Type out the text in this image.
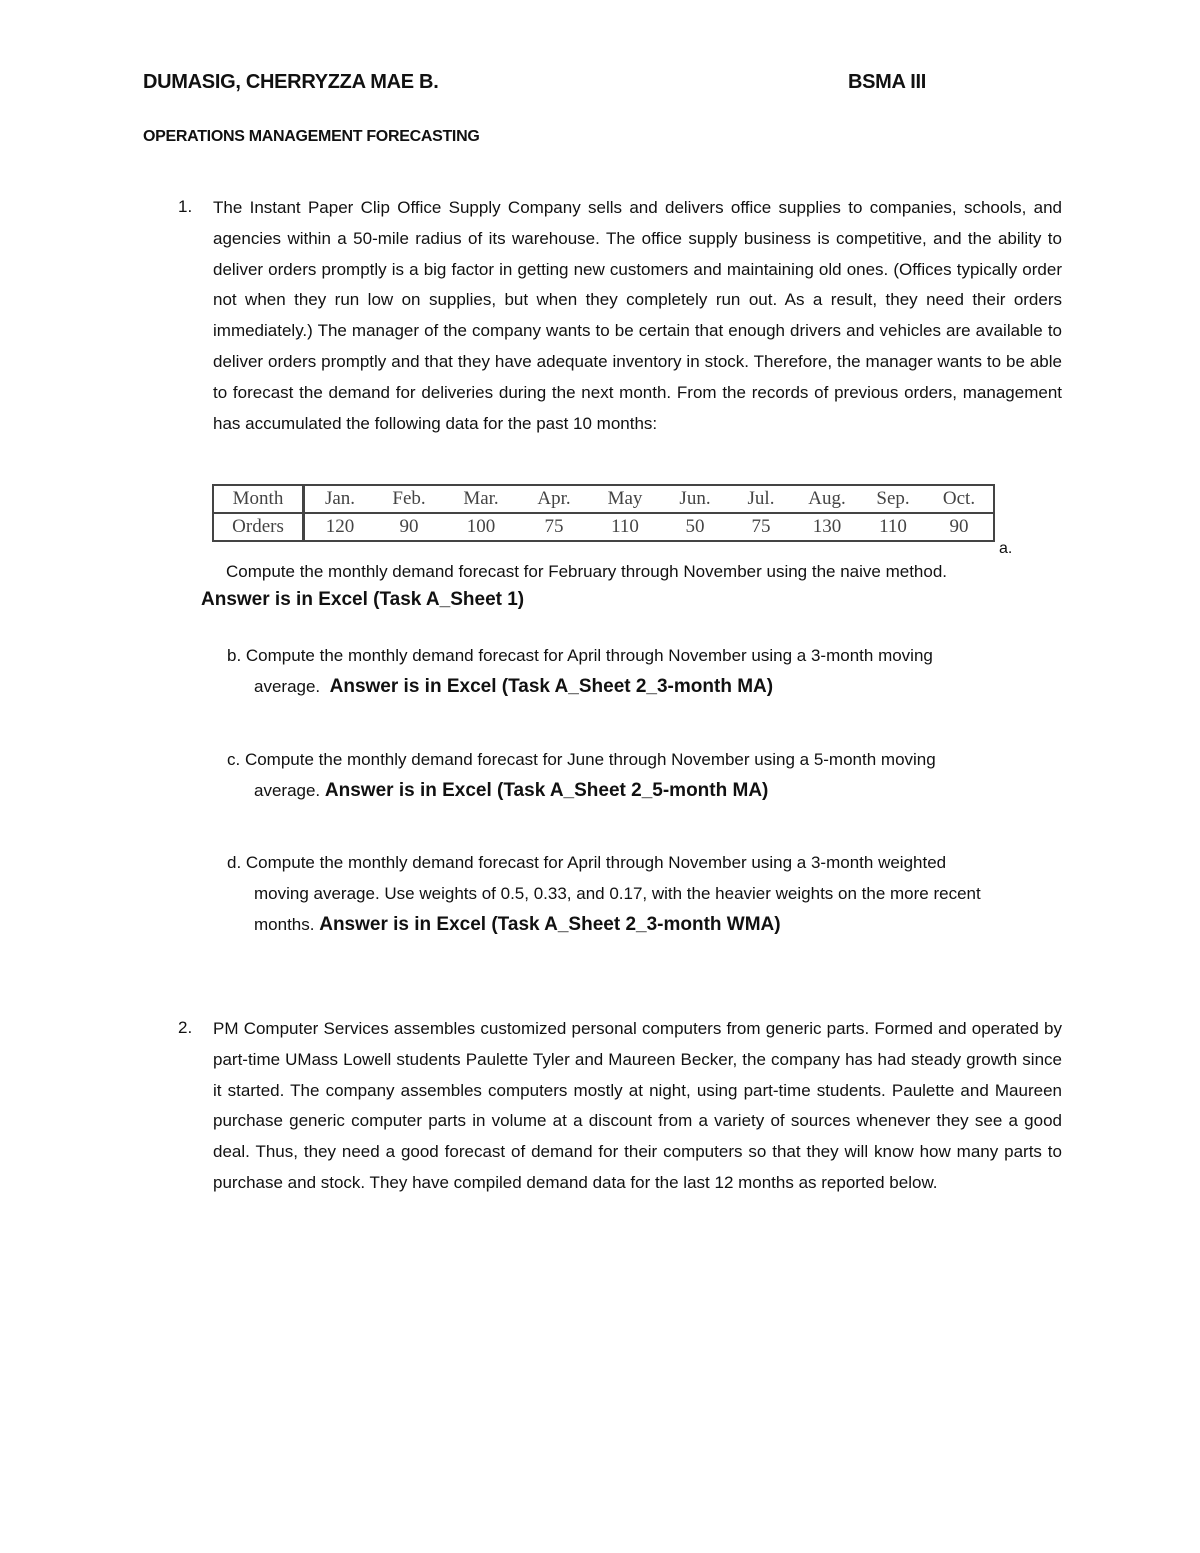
DUMASIG, CHERRYZZA MAE B.	BSMA III
OPERATIONS MANAGEMENT FORECASTING
1. The Instant Paper Clip Office Supply Company sells and delivers office supplies to companies, schools, and agencies within a 50-mile radius of its warehouse. The office supply business is competitive, and the ability to deliver orders promptly is a big factor in getting new customers and maintaining old ones. (Offices typically order not when they run low on supplies, but when they completely run out. As a result, they need their orders immediately.) The manager of the company wants to be certain that enough drivers and vehicles are available to deliver orders promptly and that they have adequate inventory in stock. Therefore, the manager wants to be able to forecast the demand for deliveries during the next month. From the records of previous orders, management has accumulated the following data for the past 10 months:
Month	Jan.	Feb.	Mar.	Apr.	May	Jun.	Jul.	Aug.	Sep.	Oct.
Orders	120	90	100	75	110	50	75	130	110	90
a.
Compute the monthly demand forecast for February through November using the naive method.
Answer is in Excel (Task A_Sheet 1)
b. Compute the monthly demand forecast for April through November using a 3-month moving
average. Answer is in Excel (Task A_Sheet 2_3-month MA)
c. Compute the monthly demand forecast for June through November using a 5-month moving
average. Answer is in Excel (Task A_Sheet 2_5-month MA)
d. Compute the monthly demand forecast for April through November using a 3-month weighted
moving average. Use weights of 0.5, 0.33, and 0.17, with the heavier weights on the more recent
months. Answer is in Excel (Task A_Sheet 2_3-month WMA)
2. PM Computer Services assembles customized personal computers from generic parts. Formed and operated by part-time UMass Lowell students Paulette Tyler and Maureen Becker, the company has had steady growth since it started. The company assembles computers mostly at night, using part-time students. Paulette and Maureen purchase generic computer parts in volume at a discount from a variety of sources whenever they see a good deal. Thus, they need a good forecast of demand for their computers so that they will know how many parts to purchase and stock. They have compiled demand data for the last 12 months as reported below.
